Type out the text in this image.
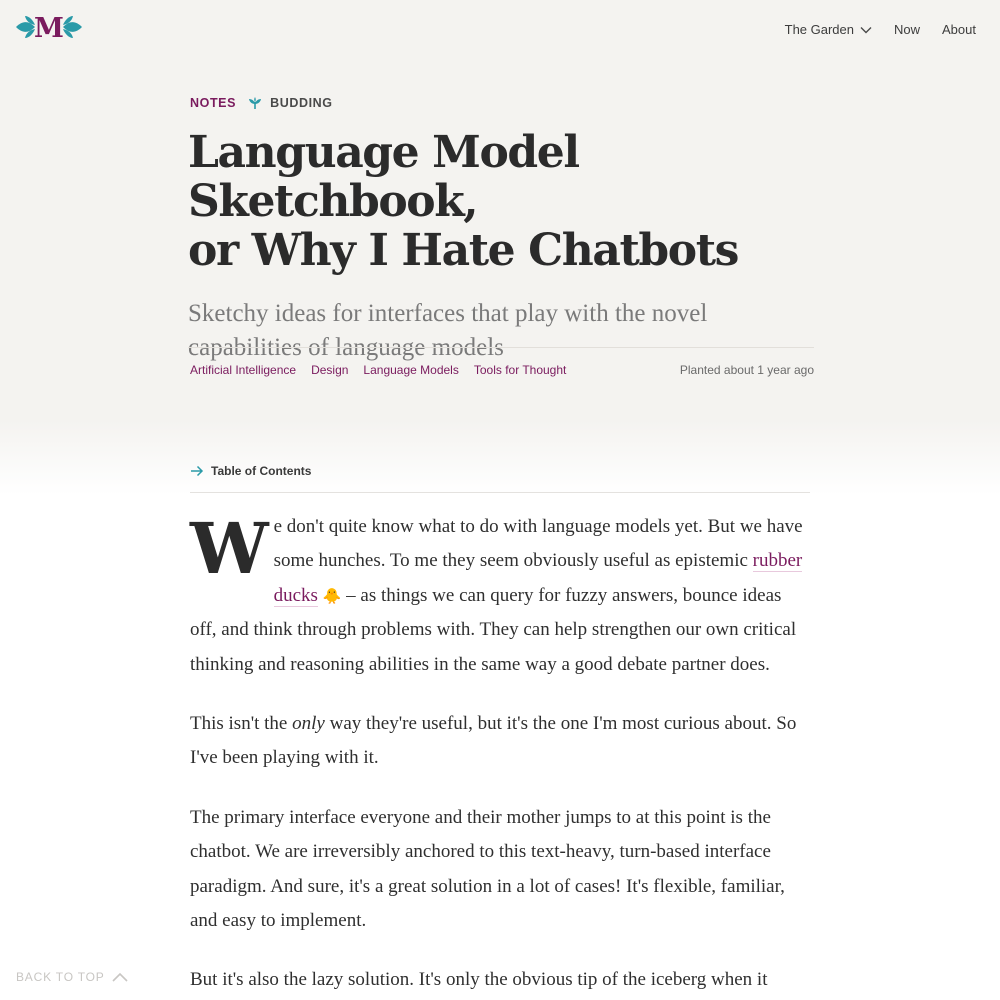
M	The Garden	Now About
NOTES	BUDDING
Language Model Sketchbook,
or Why I Hate Chatbots
Sketchy ideas for interfaces that play with the novel
capabilities of language models
Artificial Intelligence Design Language Models Tools for Thought	Planted about 1 year ago
Table of Contents

We don't quite know what to do with language models yet. But we have some hunches. To me they seem obviously useful as epistemic rubber ducks 🐥 – as things we can query for fuzzy answers, bounce ideas off, and think through problems with. They can help strengthen our own critical thinking and reasoning abilities in the same way a good debate partner does.

This isn't the only way they're useful, but it's the one I'm most curious about. So I've been playing with it.

The primary interface everyone and their mother jumps to at this point is the chatbot. We are irreversibly anchored to this text-heavy, turn-based interface paradigm. And sure, it's a great solution in a lot of cases! It's flexible, familiar, and easy to implement.

But it's also the lazy solution. It's only the obvious tip of the iceberg when it

BACK TO TOP
